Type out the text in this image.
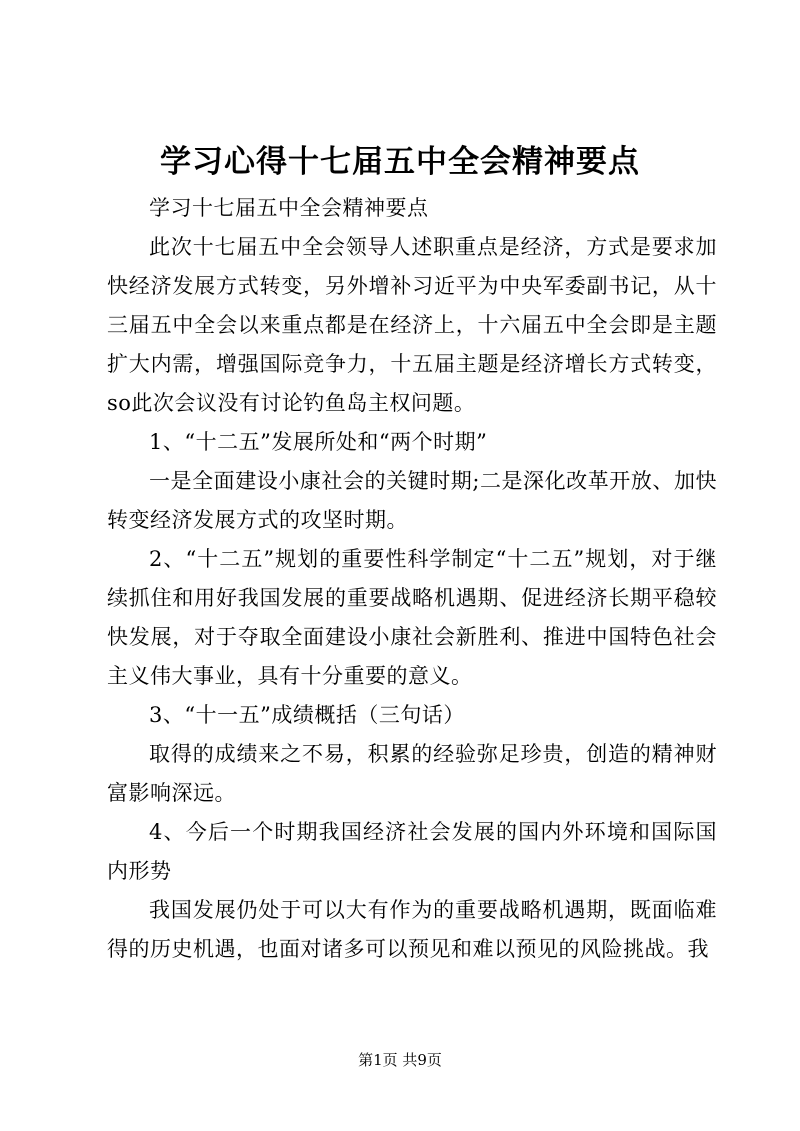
学习心得十七届五中全会精神要点

学习十七届五中全会精神要点

此次十七届五中全会领导人述职重点是经济，方式是要求加快经济发展方式转变，另外增补习近平为中央军委副书记，从十三届五中全会以来重点都是在经济上，十六届五中全会即是主题扩大内需，增强国际竞争力，十五届主题是经济增长方式转变，so此次会议没有讨论钓鱼岛主权问题。

1、“十二五”发展所处和“两个时期”

一是全面建设小康社会的关键时期;二是深化改革开放、加快转变经济发展方式的攻坚时期。

2、“十二五”规划的重要性科学制定“十二五”规划，对于继续抓住和用好我国发展的重要战略机遇期、促进经济长期平稳较快发展，对于夺取全面建设小康社会新胜利、推进中国特色社会主义伟大事业，具有十分重要的意义。

3、“十一五”成绩概括（三句话）

取得的成绩来之不易，积累的经验弥足珍贵，创造的精神财富影响深远。

4、今后一个时期我国经济社会发展的国内外环境和国际国内形势

我国发展仍处于可以大有作为的重要战略机遇期，既面临难得的历史机遇，也面对诸多可以预见和难以预见的风险挑战。我

第1页 共9页
